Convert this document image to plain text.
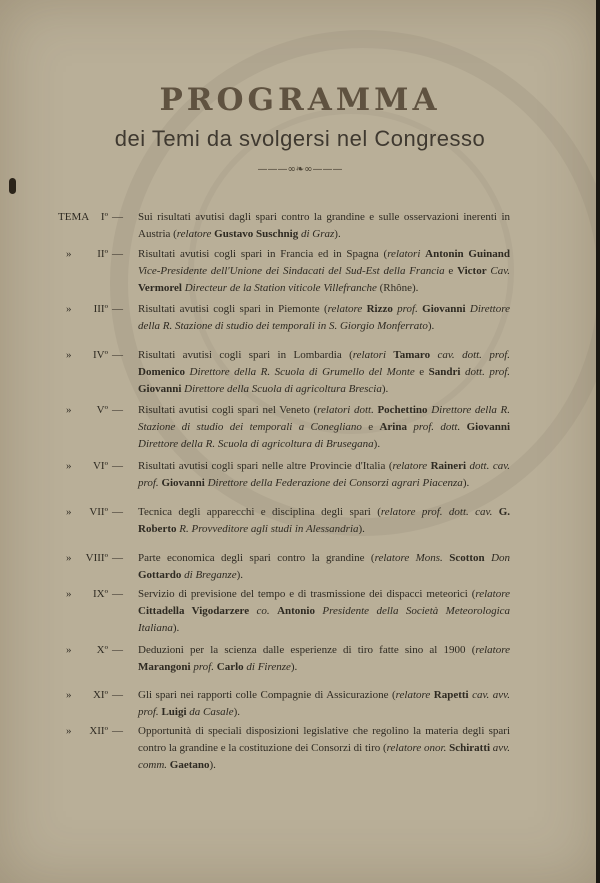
PROGRAMMA
dei Temi da svolgersi nel Congresso
———∞❧∞———
TEMA	Iº —	Sui risultati avutisi dagli spari contro la grandine e sulle osservazioni inerenti in Austria (relatore Gustavo Suschnig di Graz).
»	IIº —	Risultati avutisi cogli spari in Francia ed in Spagna (relatori Antonin Guinand Vice-Presidente dell'Unione dei Sindacati del Sud-Est della Francia e Victor Cav. Vermorel Directeur de la Station viticole Villefranche (Rhône).
»	IIIº —	Risultati avutisi cogli spari in Piemonte (relatore Rizzo prof. Giovanni Direttore della R. Stazione di studio dei temporali in S. Giorgio Monferrato).
»	IVº —	Risultati avutisi cogli spari in Lombardia (relatori Tamaro cav. dott. prof. Domenico Direttore della R. Scuola di Grumello del Monte e Sandri dott. prof. Giovanni Direttore della Scuola di agricoltura Brescia).
»	Vº —	Risultati avutisi cogli spari nel Veneto (relatori dott. Pochettino Direttore della R. Stazione di studio dei temporali a Conegliano e Arina prof. dott. Giovanni Direttore della R. Scuola di agricoltura di Brusegana).
»	VIº —	Risultati avutisi cogli spari nelle altre Provincie d'Italia (relatore Raineri dott. cav. prof. Giovanni Direttore della Federazione dei Consorzi agrari Piacenza).
»	VIIº —	Tecnica degli apparecchi e disciplina degli spari (relatore prof. dott. cav. G. Roberto R. Provveditore agli studi in Alessandria).
»	VIIIº —	Parte economica degli spari contro la grandine (relatore Mons. Scotton Don Gottardo di Breganze).
»	IXº —	Servizio di previsione del tempo e di trasmissione dei dispacci meteorici (relatore Cittadella Vigodarzere co. Antonio Presidente della Società Meteorologica Italiana).
»	Xº —	Deduzioni per la scienza dalle esperienze di tiro fatte sino al 1900 (relatore Marangoni prof. Carlo di Firenze).
»	XIº —	Gli spari nei rapporti colle Compagnie di Assicurazione (relatore Rapetti cav. avv. prof. Luigi da Casale).
»	XIIº —	Opportunità di speciali disposizioni legislative che regolino la materia degli spari contro la grandine e la costituzione dei Consorzi di tiro (relatore onor. Schiratti avv. comm. Gaetano).
